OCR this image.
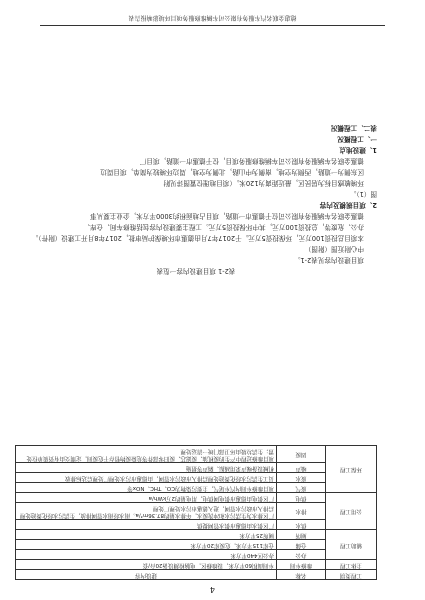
4
工程类别	名称	建设内容
主体工程	维修车间	车间面积60平方米，设维修区，电脑检测设备20台/套
辅助工程	办公	办公区440平方米
	仓储	仓库115平方米，危废库20平方米
	厕所	厕所25平方米
公用工程	供水	厂区供水由德惠市供水管网提供
	排水	厂区排水为生活污水和冲洗废水，年排水量约87.36m³/a。雨水经雨水管网排放，生活污水经化粪池处理后排入市政污水管网，进入德惠市污水处理厂处理
	供电	厂区供电由德惠市供电网供电，用电量约2万kWh/a
环保工程	废气	项目维修车间内汽车尾气，主要污染物为CO、THC、NOx等
	废水	员工生活污水经化粪池处理后排入市政污水管网，由德惠市污水处理厂处理后达标排放
	噪声	机械设备噪声采用减振、隔声等措施
	固废	项目维修过程中产生的废机油、废滤芯、废旧零部件等危险废物暂存于危废间，定期交由有资质单位处置；生活垃圾由环卫部门统一清运处理

表2-1 项目建设内容一览表

项目建设内容见表2-1。

中心附近图（附图）

本项目总投资100万元，环保投资5万元。于2017年7月由德惠市环境保护局审批，2017年8月开工建设（附件）。

办公、危废等，总投资100万元，其中环保投资5万元。工程主要建设内容包括维修车间、仓库、

德惠金联名车辆服务有限公司位于德惠市一道路，项目占地面积约3000平方米，企业主要从事

2、项目规模及内容

图（1）。

环境敏感目标为居民区，最近距离为120米。（项目地理位置图详见附

区东侧为一道路，西侧为空地，南侧为中山路，北侧为空地，周边环境较为简单，项目周边

德惠金联名车辆服务有限公司车辆维修服务项目，位于德惠市一道路，项目厂

1、建设地点

一、工程概况

表二、工程概况

德惠金联名汽车服务有限公司车辆维修服务项目环境影响报告表
